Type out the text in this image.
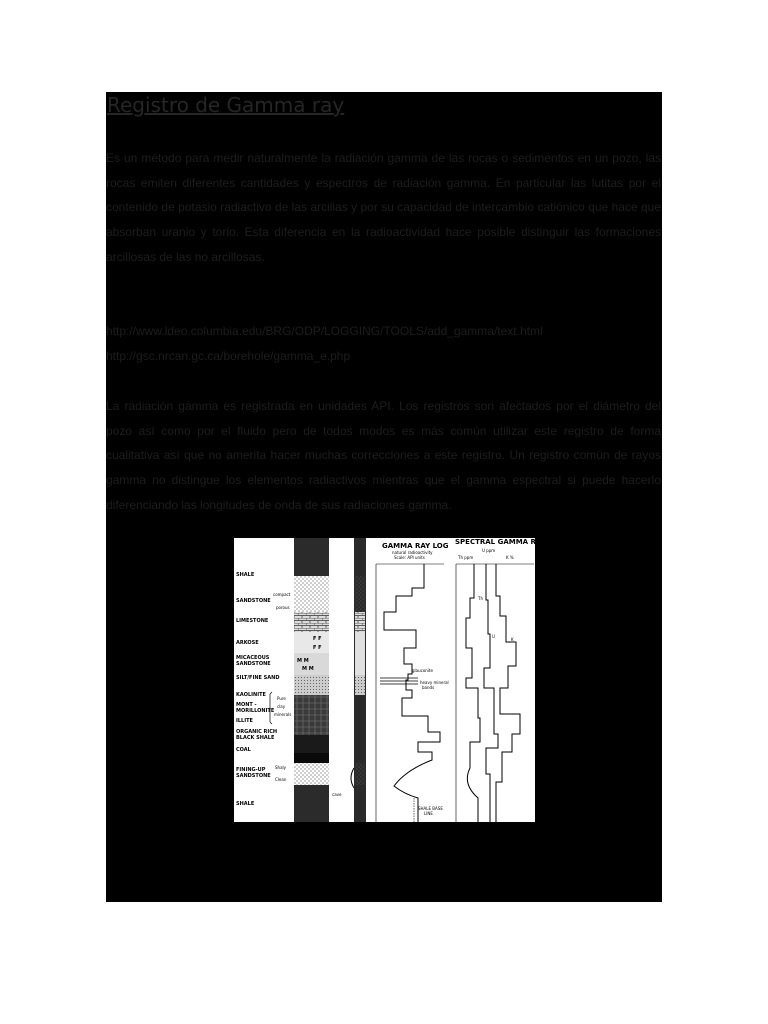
Registro de Gamma ray

Es un método para medir naturalmente la radiación gamma de las rocas o sedimentos en un pozo, las rocas emiten diferentes cantidades y espectros de radiación gamma. En particular las lutitas por el contenido de potasio radiactivo de las arcillas y por su capacidad de intercambio catiónico que hace que absorban uranio y torio. Esta diferencia en la radioactividad hace posible distinguir las formaciones arcillosas de las no arcillosas.

http://www.ldeo.columbia.edu/BRG/ODP/LOGGING/TOOLS/add_gamma/text.html
http://gsc.nrcan.gc.ca/borehole/gamma_e.php

La radiación gamma es registrada en unidades API. Los registros son afectados por el diámetro del pozo así como por el fluido pero de todos modos es más común utilizar este registro de forma cualitativa así que no amerita hacer muchas correcciones a este registro. Un registro común de rayos gamma no distingue los elementos radiactivos mientras que el gamma espectral si puede hacerlo diferenciando las longitudes de onda de sus radiaciones gamma.

F F
F F
M M
M M
SHALE
SANDSTONE
compact
porous
LIMESTONE
ARKOSE
MICACEOUS
SANDSTONE
SILT/FINE SAND
KAOLINITE
MONT -
MORILLONITE
ILLITE
Pure
clay
minerals
ORGANIC RICH
BLACK SHALE
COAL
FINING-UP
SANDSTONE
Shaly
Clean
SHALE
cave
GAMMA RAY LOG
natural radioactivity
Scale: API units
glauconite
heavy mineral
bands
SHALE BASE
LINE
SPECTRAL GAMMA RAY
U ppm
Th ppm	K %
Th
U
K
